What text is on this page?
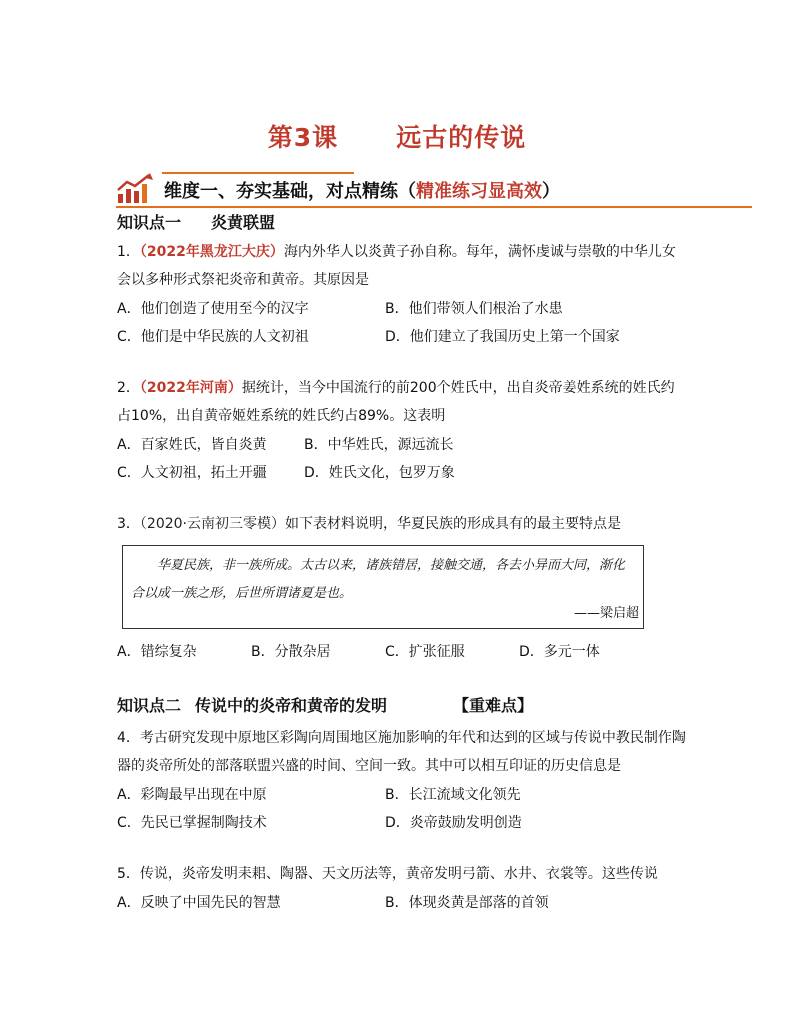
第3课 远古的传说
维度一、夯实基础，对点精练（精准练习显高效）
知识点一 炎黄联盟
1．（2022年黑龙江大庆）海内外华人以炎黄子孙自称。每年，满怀虔诚与崇敬的中华儿女会以多种形式祭祀炎帝和黄帝。其原因是
A．他们创造了使用至今的汉字	B．他们带领人们根治了水患
C．他们是中华民族的人文初祖	D．他们建立了我国历史上第一个国家
2．（2022年河南）据统计，当今中国流行的前200个姓氏中，出自炎帝姜姓系统的姓氏约占10%，出自黄帝姬姓系统的姓氏约占89%。这表明
A．百家姓氏，皆自炎黄	B．中华姓氏，源远流长
C．人文初祖，拓土开疆	D．姓氏文化，包罗万象
3．（2020·云南初三零模）如下表材料说明，华夏民族的形成具有的最主要特点是
华夏民族，非一族所成。太古以来，诸族错居，接触交通，各去小异而大同，渐化合以成一族之形，后世所谓诸夏是也。
——梁启超
A．错综复杂	B．分散杂居	C．扩张征服	D．多元一体
知识点二 传说中的炎帝和黄帝的发明	【重难点】
4．考古研究发现中原地区彩陶向周围地区施加影响的年代和达到的区域与传说中教民制作陶器的炎帝所处的部落联盟兴盛的时间、空间一致。其中可以相互印证的历史信息是
A．彩陶最早出现在中原	B．长江流域文化领先
C．先民已掌握制陶技术	D．炎帝鼓励发明创造
5．传说，炎帝发明耒耜、陶器、天文历法等，黄帝发明弓箭、水井、衣裳等。这些传说
A．反映了中国先民的智慧	B．体现炎黄是部落的首领
